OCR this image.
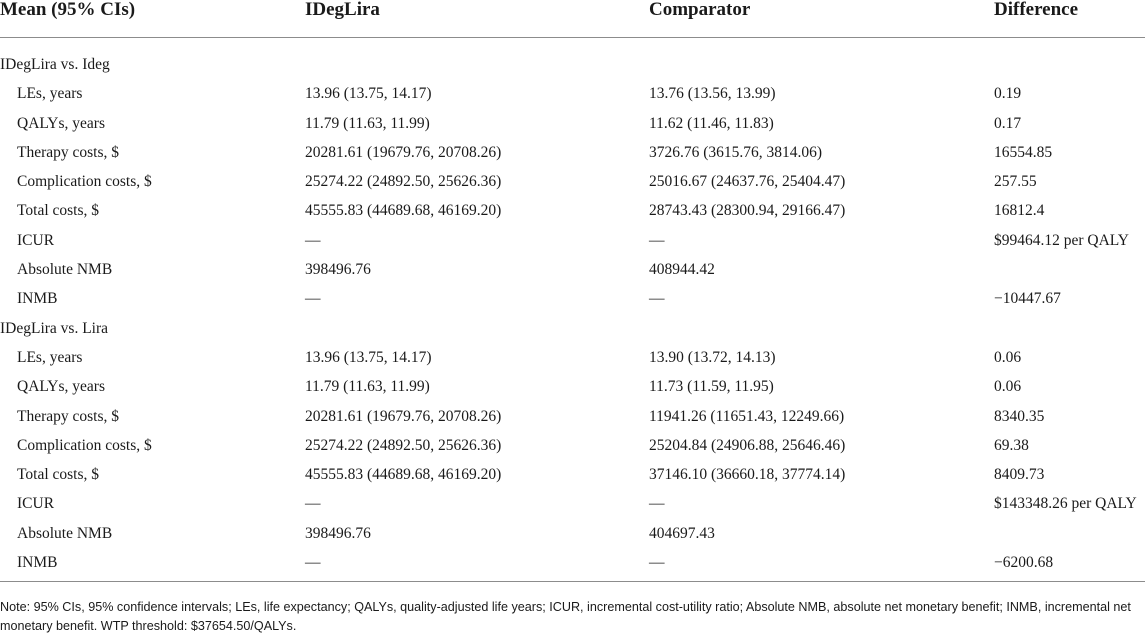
Mean (95% CIs)	IDegLira	Comparator	Difference
IDegLira vs. Ideg
LEs, years	13.96 (13.75, 14.17)	13.76 (13.56, 13.99)	0.19
QALYs, years	11.79 (11.63, 11.99)	11.62 (11.46, 11.83)	0.17
Therapy costs, $	20281.61 (19679.76, 20708.26)	3726.76 (3615.76, 3814.06)	16554.85
Complication costs, $	25274.22 (24892.50, 25626.36)	25016.67 (24637.76, 25404.47)	257.55
Total costs, $	45555.83 (44689.68, 46169.20)	28743.43 (28300.94, 29166.47)	16812.4
ICUR	—	—	$99464.12 per QALY
Absolute NMB	398496.76	408944.42
INMB	—	—	−10447.67
IDegLira vs. Lira
LEs, years	13.96 (13.75, 14.17)	13.90 (13.72, 14.13)	0.06
QALYs, years	11.79 (11.63, 11.99)	11.73 (11.59, 11.95)	0.06
Therapy costs, $	20281.61 (19679.76, 20708.26)	11941.26 (11651.43, 12249.66)	8340.35
Complication costs, $	25274.22 (24892.50, 25626.36)	25204.84 (24906.88, 25646.46)	69.38
Total costs, $	45555.83 (44689.68, 46169.20)	37146.10 (36660.18, 37774.14)	8409.73
ICUR	—	—	$143348.26 per QALY
Absolute NMB	398496.76	404697.43
INMB	—	—	−6200.68
Note: 95% CIs, 95% confidence intervals; LEs, life expectancy; QALYs, quality-adjusted life years; ICUR, incremental cost-utility ratio; Absolute NMB, absolute net monetary benefit; INMB, incremental net monetary benefit. WTP threshold: $37654.50/QALYs.
